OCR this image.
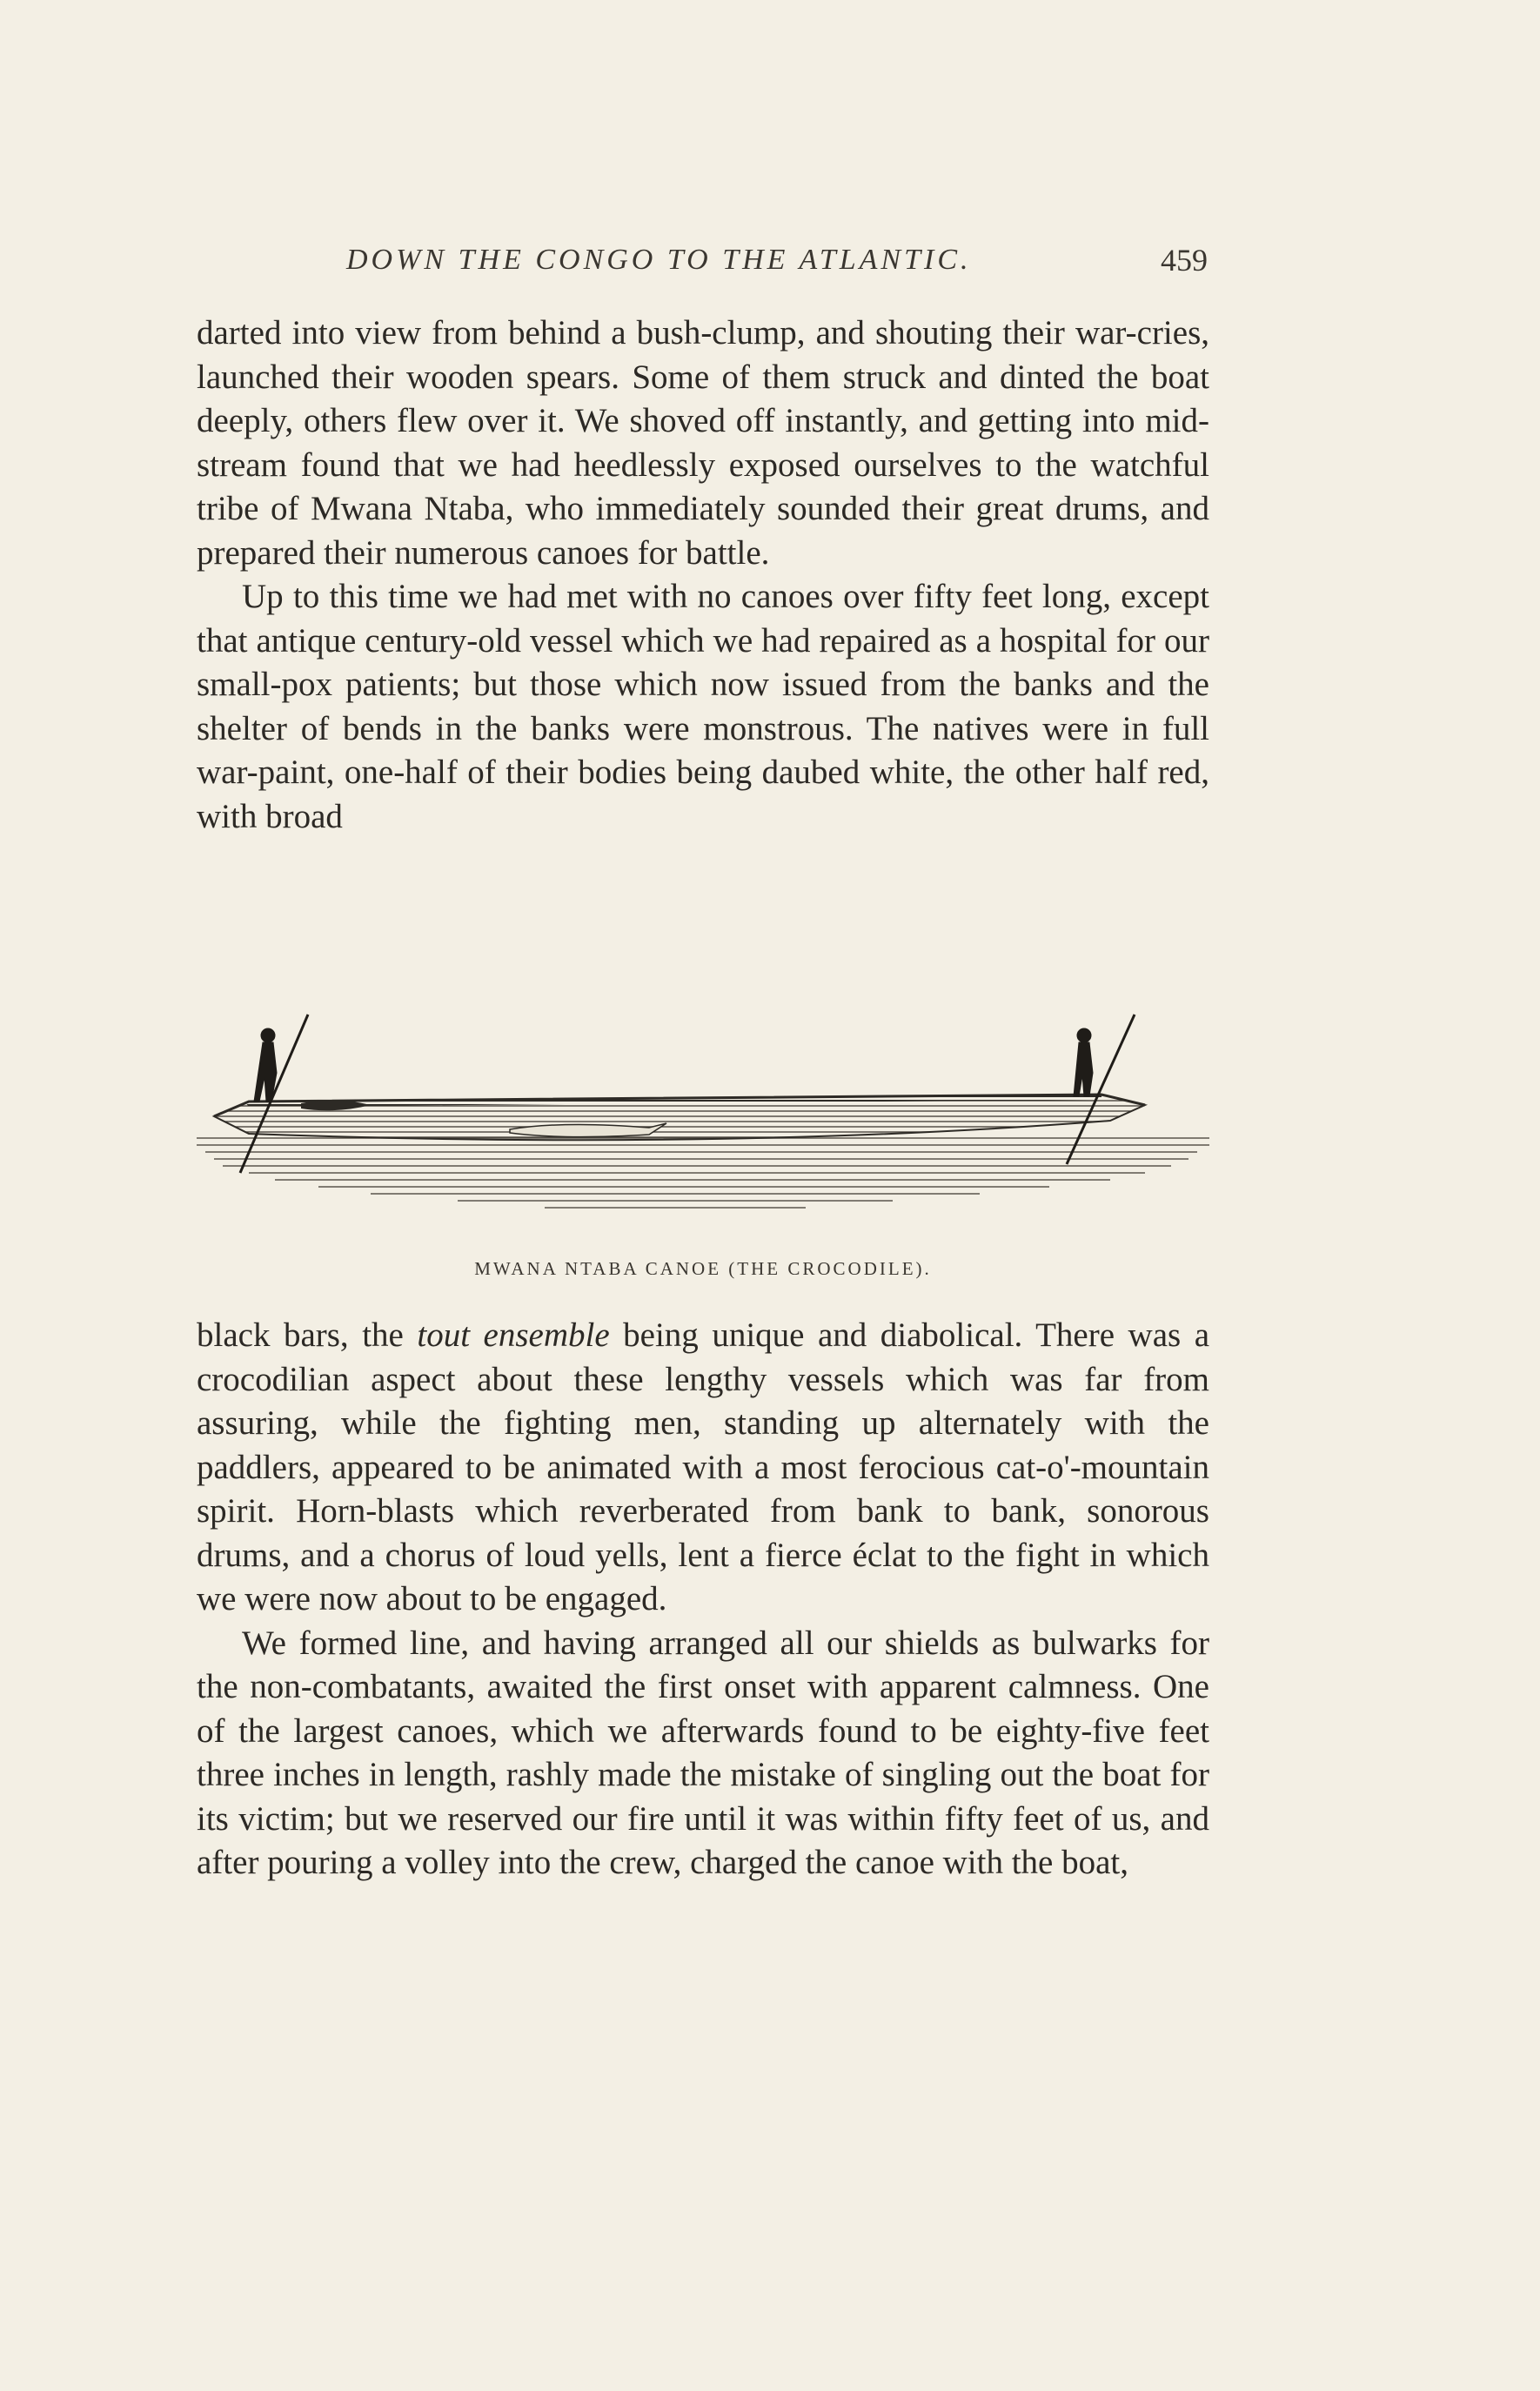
DOWN THE CONGO TO THE ATLANTIC.	459

darted into view from behind a bush-clump, and shouting their war-cries, launched their wooden spears. Some of them struck and dinted the boat deeply, others flew over it. We shoved off instantly, and getting into mid-stream found that we had heedlessly exposed ourselves to the watchful tribe of Mwana Ntaba, who immediately sounded their great drums, and prepared their numerous canoes for battle.

Up to this time we had met with no canoes over fifty feet long, except that antique century-old vessel which we had repaired as a hospital for our small-pox patients; but those which now issued from the banks and the shelter of bends in the banks were monstrous. The natives were in full war-paint, one-half of their bodies being daubed white, the other half red, with broad

MWANA NTABA CANOE (THE CROCODILE).

black bars, the tout ensemble being unique and diabolical. There was a crocodilian aspect about these lengthy vessels which was far from assuring, while the fighting men, standing up alternately with the paddlers, appeared to be animated with a most ferocious cat-o'-mountain spirit. Horn-blasts which reverberated from bank to bank, sonorous drums, and a chorus of loud yells, lent a fierce éclat to the fight in which we were now about to be engaged.

We formed line, and having arranged all our shields as bulwarks for the non-combatants, awaited the first onset with apparent calmness. One of the largest canoes, which we afterwards found to be eighty-five feet three inches in length, rashly made the mistake of singling out the boat for its victim; but we reserved our fire until it was within fifty feet of us, and after pouring a volley into the crew, charged the canoe with the boat,
